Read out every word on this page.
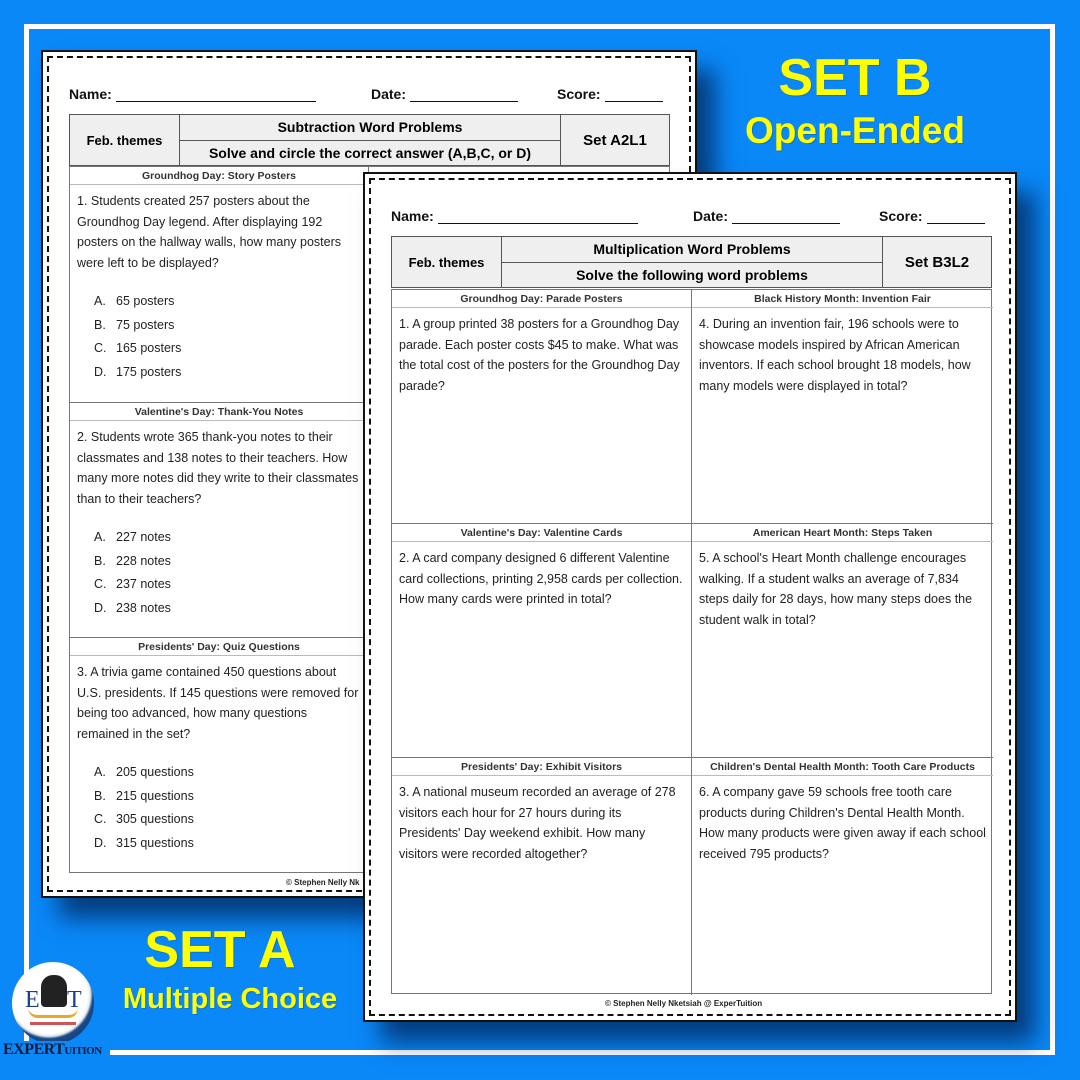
Name:	Date:	Score:
Feb. themes
Subtraction Word Problems
Solve and circle the correct answer (A,B,C, or D)
Set A2L1
Groundhog Day: Story Posters
1. Students created 257 posters about the Groundhog Day legend. After displaying 192 posters on the hallway walls, how many posters were left to be displayed?
A. 65 posters
B. 75 posters
C. 165 posters
D. 175 posters
Valentine's Day: Thank-You Notes
2. Students wrote 365 thank-you notes to their classmates and 138 notes to their teachers. How many more notes did they write to their classmates than to their teachers?
A. 227 notes
B. 228 notes
C. 237 notes
D. 238 notes
Presidents' Day: Quiz Questions
3. A trivia game contained 450 questions about U.S. presidents. If 145 questions were removed for being too advanced, how many questions remained in the set?
A. 205 questions
B. 215 questions
C. 305 questions
D. 315 questions
© Stephen Nelly Nk
Name:	Date:	Score:
Feb. themes
Multiplication Word Problems
Solve the following word problems
Set B3L2
Groundhog Day: Parade Posters
1. A group printed 38 posters for a Groundhog Day parade. Each poster costs $45 to make. What was the total cost of the posters for the Groundhog Day parade?
Black History Month: Invention Fair
4. During an invention fair, 196 schools were to showcase models inspired by African American inventors. If each school brought 18 models, how many models were displayed in total?
Valentine's Day: Valentine Cards
2. A card company designed 6 different Valentine card collections, printing 2,958 cards per collection. How many cards were printed in total?
American Heart Month: Steps Taken
5. A school's Heart Month challenge encourages walking. If a student walks an average of 7,834 steps daily for 28 days, how many steps does the student walk in total?
Presidents' Day: Exhibit Visitors
3. A national museum recorded an average of 278 visitors each hour for 27 hours during its Presidents' Day weekend exhibit. How many visitors were recorded altogether?
Children's Dental Health Month: Tooth Care Products
6. A company gave 59 schools free tooth care products during Children's Dental Health Month. How many products were given away if each school received 795 products?
© Stephen Nelly Nketsiah @ ExperTuition
SET B
Open-Ended
SET A
Multiple Choice
E T
EXPERTUITION
